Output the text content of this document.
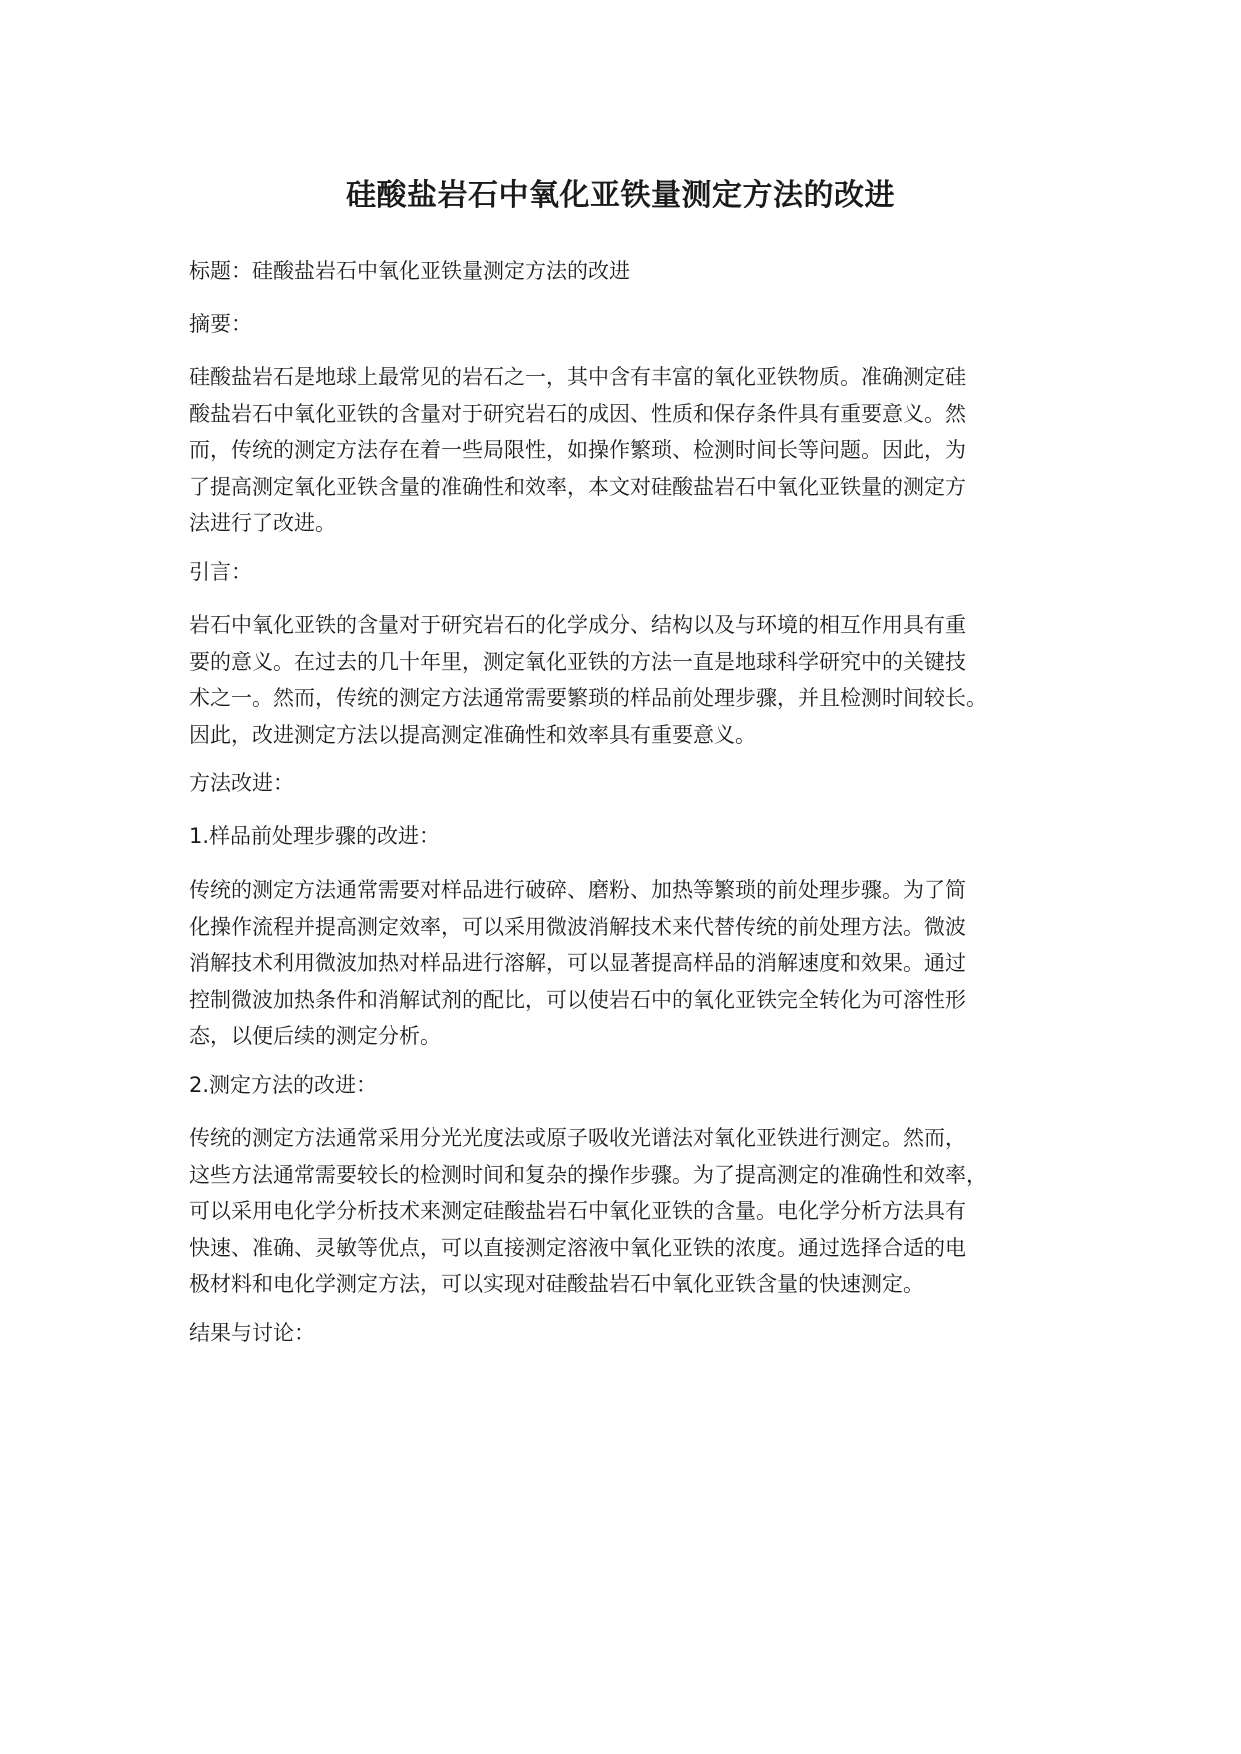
硅酸盐岩石中氧化亚铁量测定方法的改进
标题：硅酸盐岩石中氧化亚铁量测定方法的改进
摘要：
硅酸盐岩石是地球上最常见的岩石之一，其中含有丰富的氧化亚铁物质。准确测定硅
酸盐岩石中氧化亚铁的含量对于研究岩石的成因、性质和保存条件具有重要意义。然
而，传统的测定方法存在着一些局限性，如操作繁琐、检测时间长等问题。因此，为
了提高测定氧化亚铁含量的准确性和效率，本文对硅酸盐岩石中氧化亚铁量的测定方
法进行了改进。
引言：
岩石中氧化亚铁的含量对于研究岩石的化学成分、结构以及与环境的相互作用具有重
要的意义。在过去的几十年里，测定氧化亚铁的方法一直是地球科学研究中的关键技
术之一。然而，传统的测定方法通常需要繁琐的样品前处理步骤，并且检测时间较长。
因此，改进测定方法以提高测定准确性和效率具有重要意义。
方法改进：
1.样品前处理步骤的改进：
传统的测定方法通常需要对样品进行破碎、磨粉、加热等繁琐的前处理步骤。为了简
化操作流程并提高测定效率，可以采用微波消解技术来代替传统的前处理方法。微波
消解技术利用微波加热对样品进行溶解，可以显著提高样品的消解速度和效果。通过
控制微波加热条件和消解试剂的配比，可以使岩石中的氧化亚铁完全转化为可溶性形
态，以便后续的测定分析。
2.测定方法的改进：
传统的测定方法通常采用分光光度法或原子吸收光谱法对氧化亚铁进行测定。然而，
这些方法通常需要较长的检测时间和复杂的操作步骤。为了提高测定的准确性和效率，
可以采用电化学分析技术来测定硅酸盐岩石中氧化亚铁的含量。电化学分析方法具有
快速、准确、灵敏等优点，可以直接测定溶液中氧化亚铁的浓度。通过选择合适的电
极材料和电化学测定方法，可以实现对硅酸盐岩石中氧化亚铁含量的快速测定。
结果与讨论：
